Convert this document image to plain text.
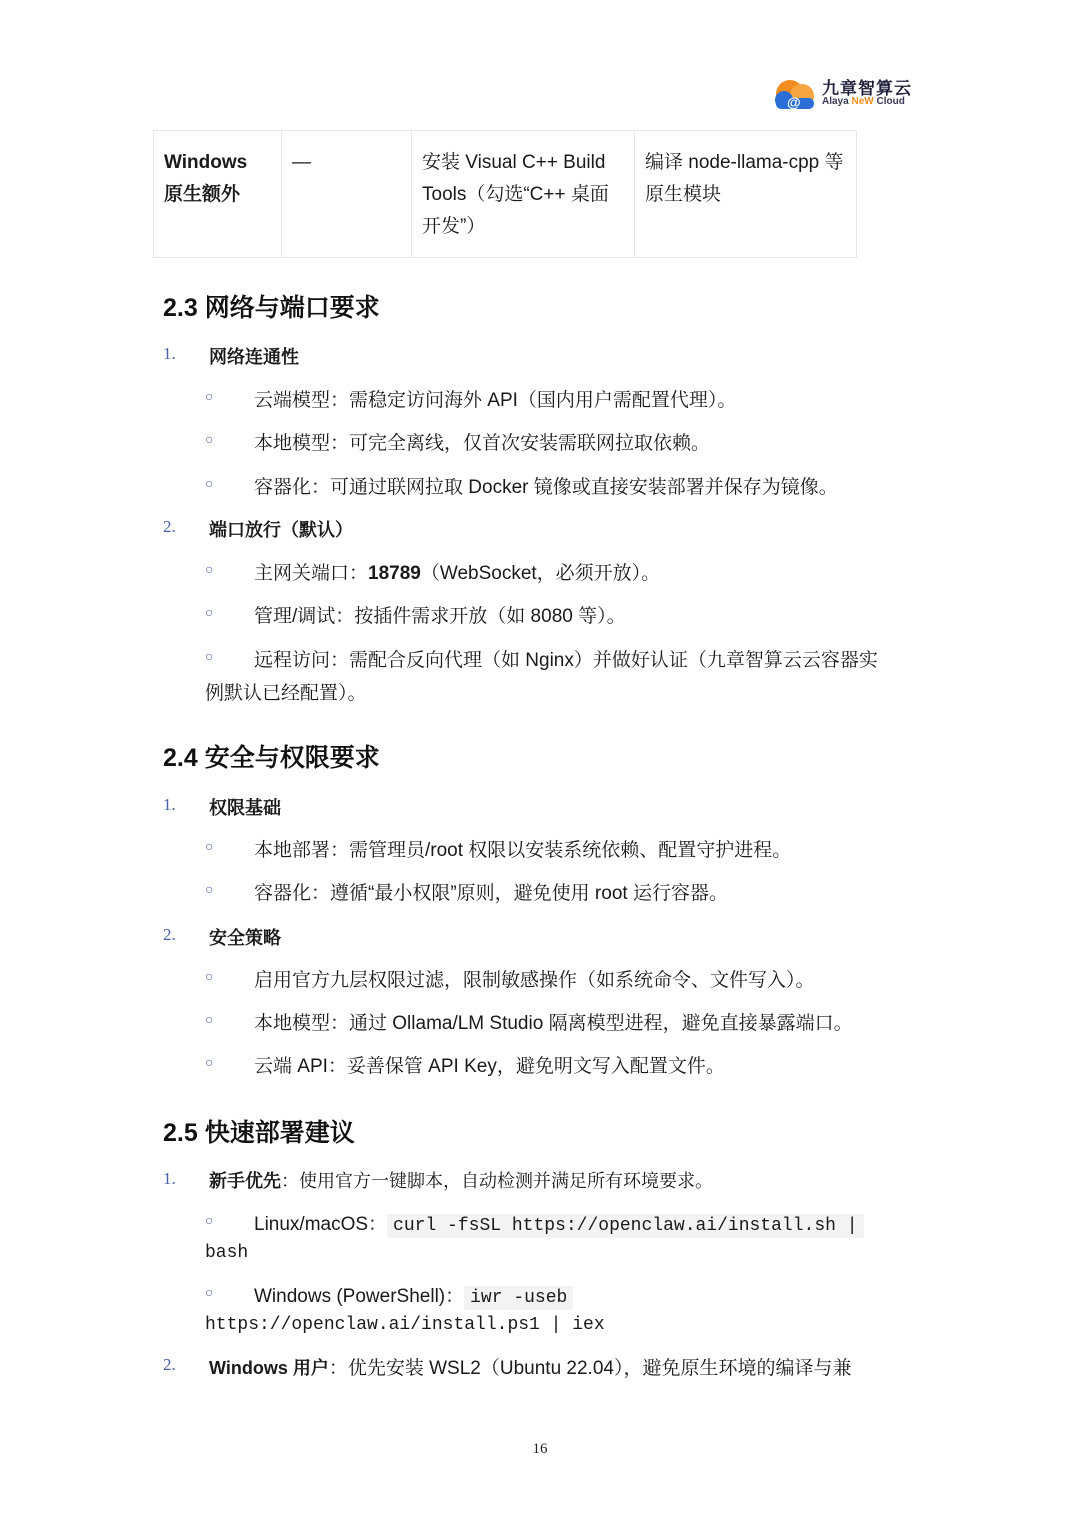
@
九章智算云
Alaya NeW Cloud
Windows 原生额外	—	安装 Visual C++ Build Tools（勾选“C++ 桌面开发”）	编译 node-llama-cpp 等原生模块
2.3 网络与端口要求
1. 网络连通性
○ 云端模型：需稳定访问海外 API（国内用户需配置代理）。
○ 本地模型：可完全离线，仅首次安装需联网拉取依赖。
○ 容器化：可通过联网拉取 Docker 镜像或直接安装部署并保存为镜像。
2. 端口放行（默认）
○ 主网关端口：18789（WebSocket，必须开放）。
○ 管理/调试：按插件需求开放（如 8080 等）。
○ 远程访问：需配合反向代理（如 Nginx）并做好认证（九章智算云云容器实
例默认已经配置）。
2.4 安全与权限要求
1. 权限基础
○ 本地部署：需管理员/root 权限以安装系统依赖、配置守护进程。
○ 容器化：遵循“最小权限”原则，避免使用 root 运行容器。
2. 安全策略
○ 启用官方九层权限过滤，限制敏感操作（如系统命令、文件写入）。
○ 本地模型：通过 Ollama/LM Studio 隔离模型进程，避免直接暴露端口。
○ 云端 API：妥善保管 API Key，避免明文写入配置文件。
2.5 快速部署建议
1. 新手优先：使用官方一键脚本，自动检测并满足所有环境要求。
○ Linux/macOS： curl -fsSL https://openclaw.ai/install.sh |
bash
○ Windows (PowerShell)： iwr -useb
https://openclaw.ai/install.ps1 | iex
2. Windows 用户：优先安装 WSL2（Ubuntu 22.04），避免原生环境的编译与兼
16
